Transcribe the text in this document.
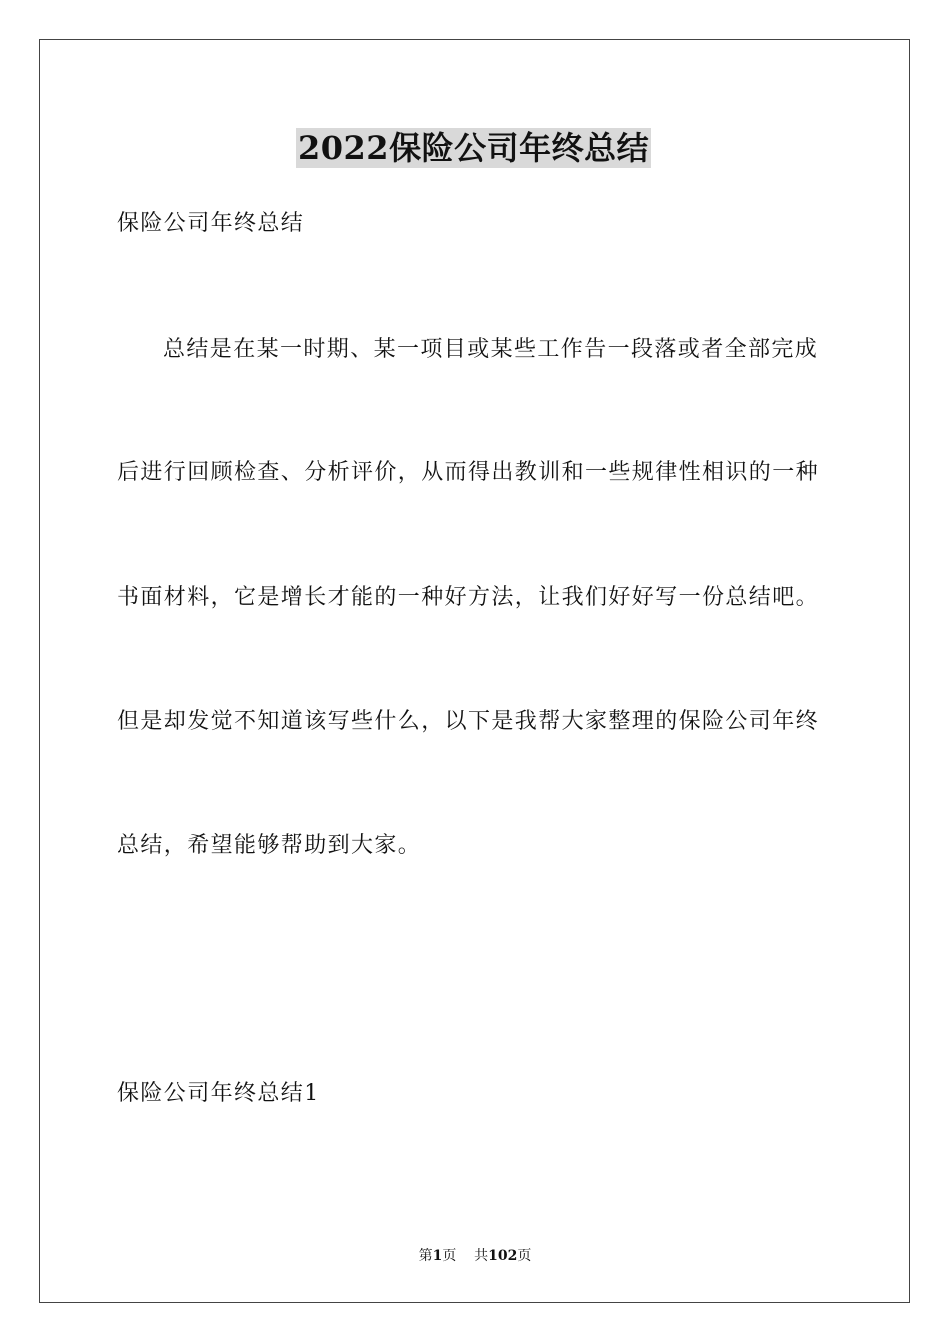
2022保险公司年终总结
保险公司年终总结
总结是在某一时期、某一项目或某些工作告一段落或者全部完成
后进行回顾检查、分析评价，从而得出教训和一些规律性相识的一种
书面材料，它是增长才能的一种好方法，让我们好好写一份总结吧。
但是却发觉不知道该写些什么，以下是我帮大家整理的保险公司年终
总结，希望能够帮助到大家。
保险公司年终总结1
第1页 共102页
